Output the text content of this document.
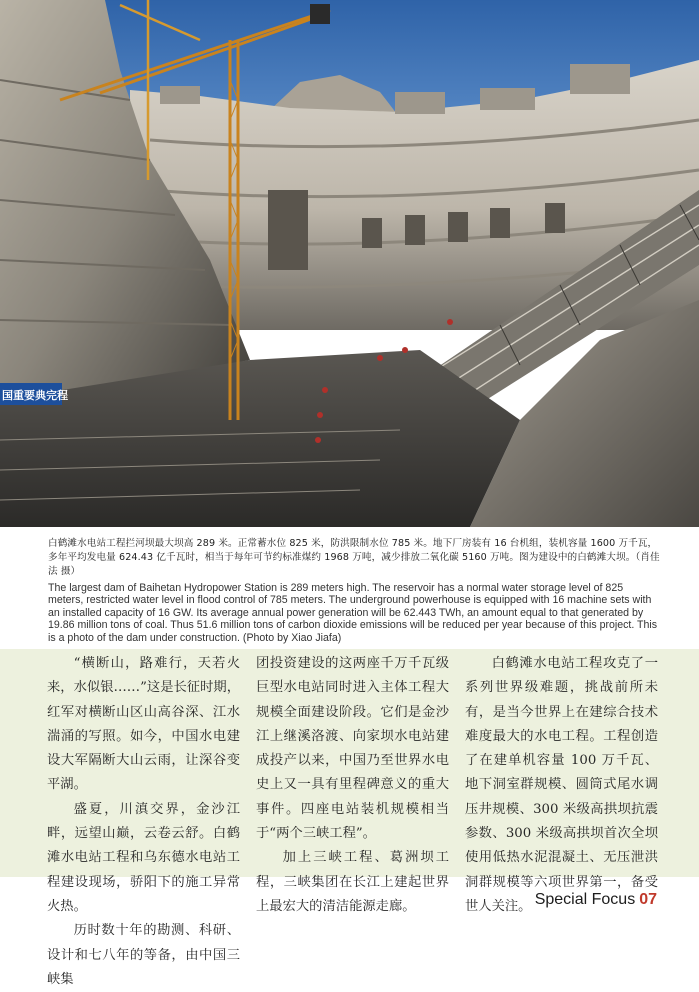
国重要典完程

白鹤滩水电站工程拦河坝最大坝高 289 米。正常蓄水位 825 米，防洪限制水位 785 米。地下厂房装有 16 台机组，装机容量 1600 万千瓦，多年平均发电量 624.43 亿千瓦时，相当于每年可节约标准煤约 1968 万吨，减少排放二氧化碳 5160 万吨。图为建设中的白鹤滩大坝。（肖佳法 摄）

The largest dam of Baihetan Hydropower Station is 289 meters high. The reservoir has a normal water storage level of 825 meters, restricted water level in flood control of 785 meters. The underground powerhouse is equipped with 16 machine sets with an installed capacity of 16 GW. Its average annual power generation will be 62.443 TWh, an amount equal to that generated by 19.86 million tons of coal. Thus 51.6 million tons of carbon dioxide emissions will be reduced per year because of this project. This is a photo of the dam under construction. (Photo by Xiao Jiafa)

“横断山，路难行，天若火来，水似银……”这是长征时期，红军对横断山区山高谷深、江水湍涌的写照。如今，中国水电建设大军隔断大山云雨，让深谷变平湖。

盛夏，川滇交界，金沙江畔，远望山巅，云卷云舒。白鹤滩水电站工程和乌东德水电站工程建设现场，骄阳下的施工异常火热。

历时数十年的勘测、科研、设计和七八年的等备，由中国三峡集

团投资建设的这两座千万千瓦级巨型水电站同时进入主体工程大规模全面建设阶段。它们是金沙江上继溪洛渡、向家坝水电站建成投产以来，中国乃至世界水电史上又一具有里程碑意义的重大事件。四座电站装机规模相当于“两个三峡工程”。

加上三峡工程、葛洲坝工程，三峡集团在长江上建起世界上最宏大的清洁能源走廊。

白鹤滩水电站工程攻克了一系列世界级难题，挑战前所未有，是当今世界上在建综合技术难度最大的水电工程。工程创造了在建单机容量 100 万千瓦、地下洞室群规模、圆筒式尾水调压井规模、300 米级高拱坝抗震参数、300 米级高拱坝首次全坝使用低热水泥混凝土、无压泄洪洞群规模等六项世界第一，备受世人关注。 Special Focus 07
